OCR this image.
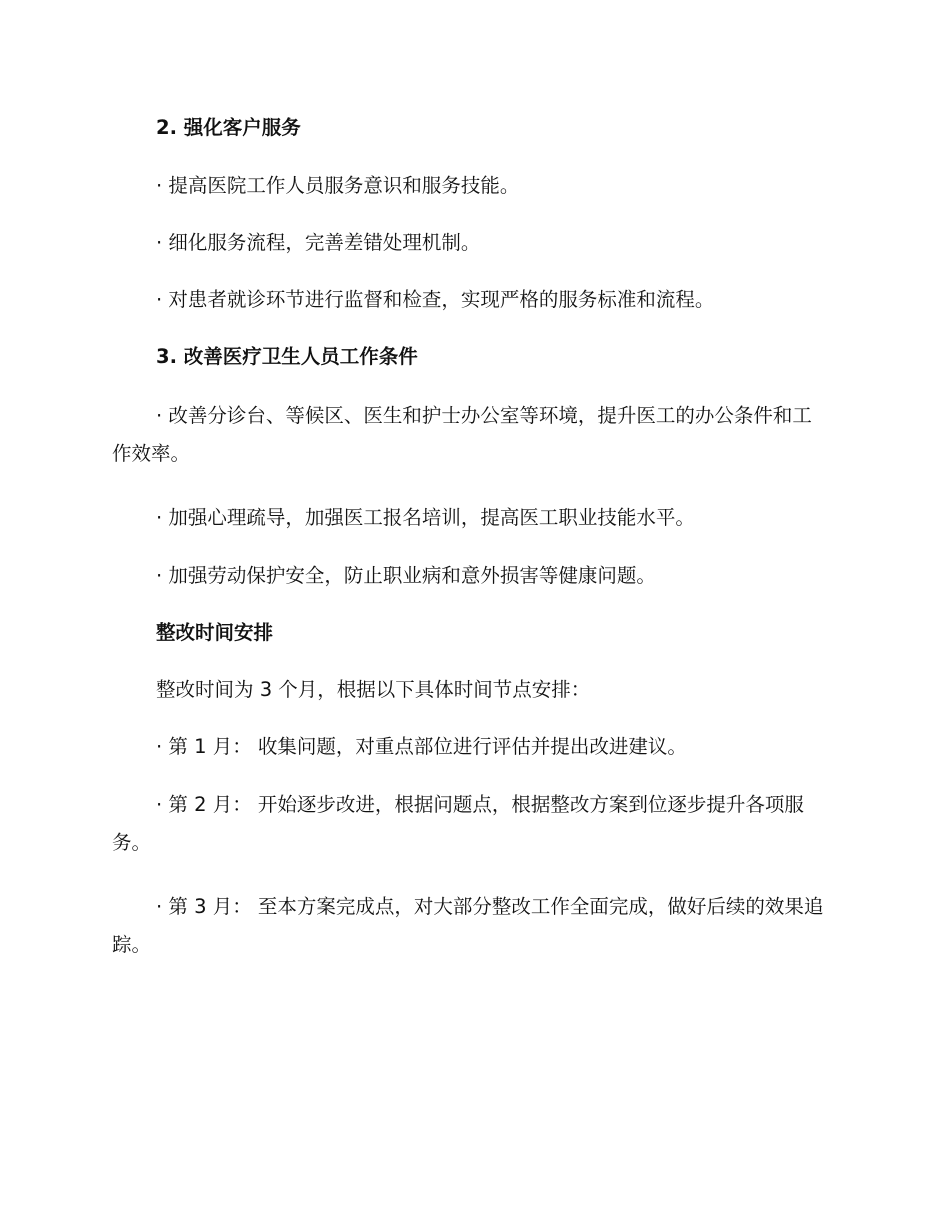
2. 强化客户服务
· 提高医院工作人员服务意识和服务技能。
· 细化服务流程，完善差错处理机制。
· 对患者就诊环节进行监督和检查，实现严格的服务标准和流程。
3. 改善医疗卫生人员工作条件
· 改善分诊台、等候区、医生和护士办公室等环境，提升医工的办公条件和工作效率。
· 加强心理疏导，加强医工报名培训，提高医工职业技能水平。
· 加强劳动保护安全，防止职业病和意外损害等健康问题。
整改时间安排
整改时间为 3 个月，根据以下具体时间节点安排：
· 第 1 月： 收集问题，对重点部位进行评估并提出改进建议。
· 第 2 月： 开始逐步改进，根据问题点，根据整改方案到位逐步提升各项服务。
· 第 3 月： 至本方案完成点，对大部分整改工作全面完成，做好后续的效果追踪。
